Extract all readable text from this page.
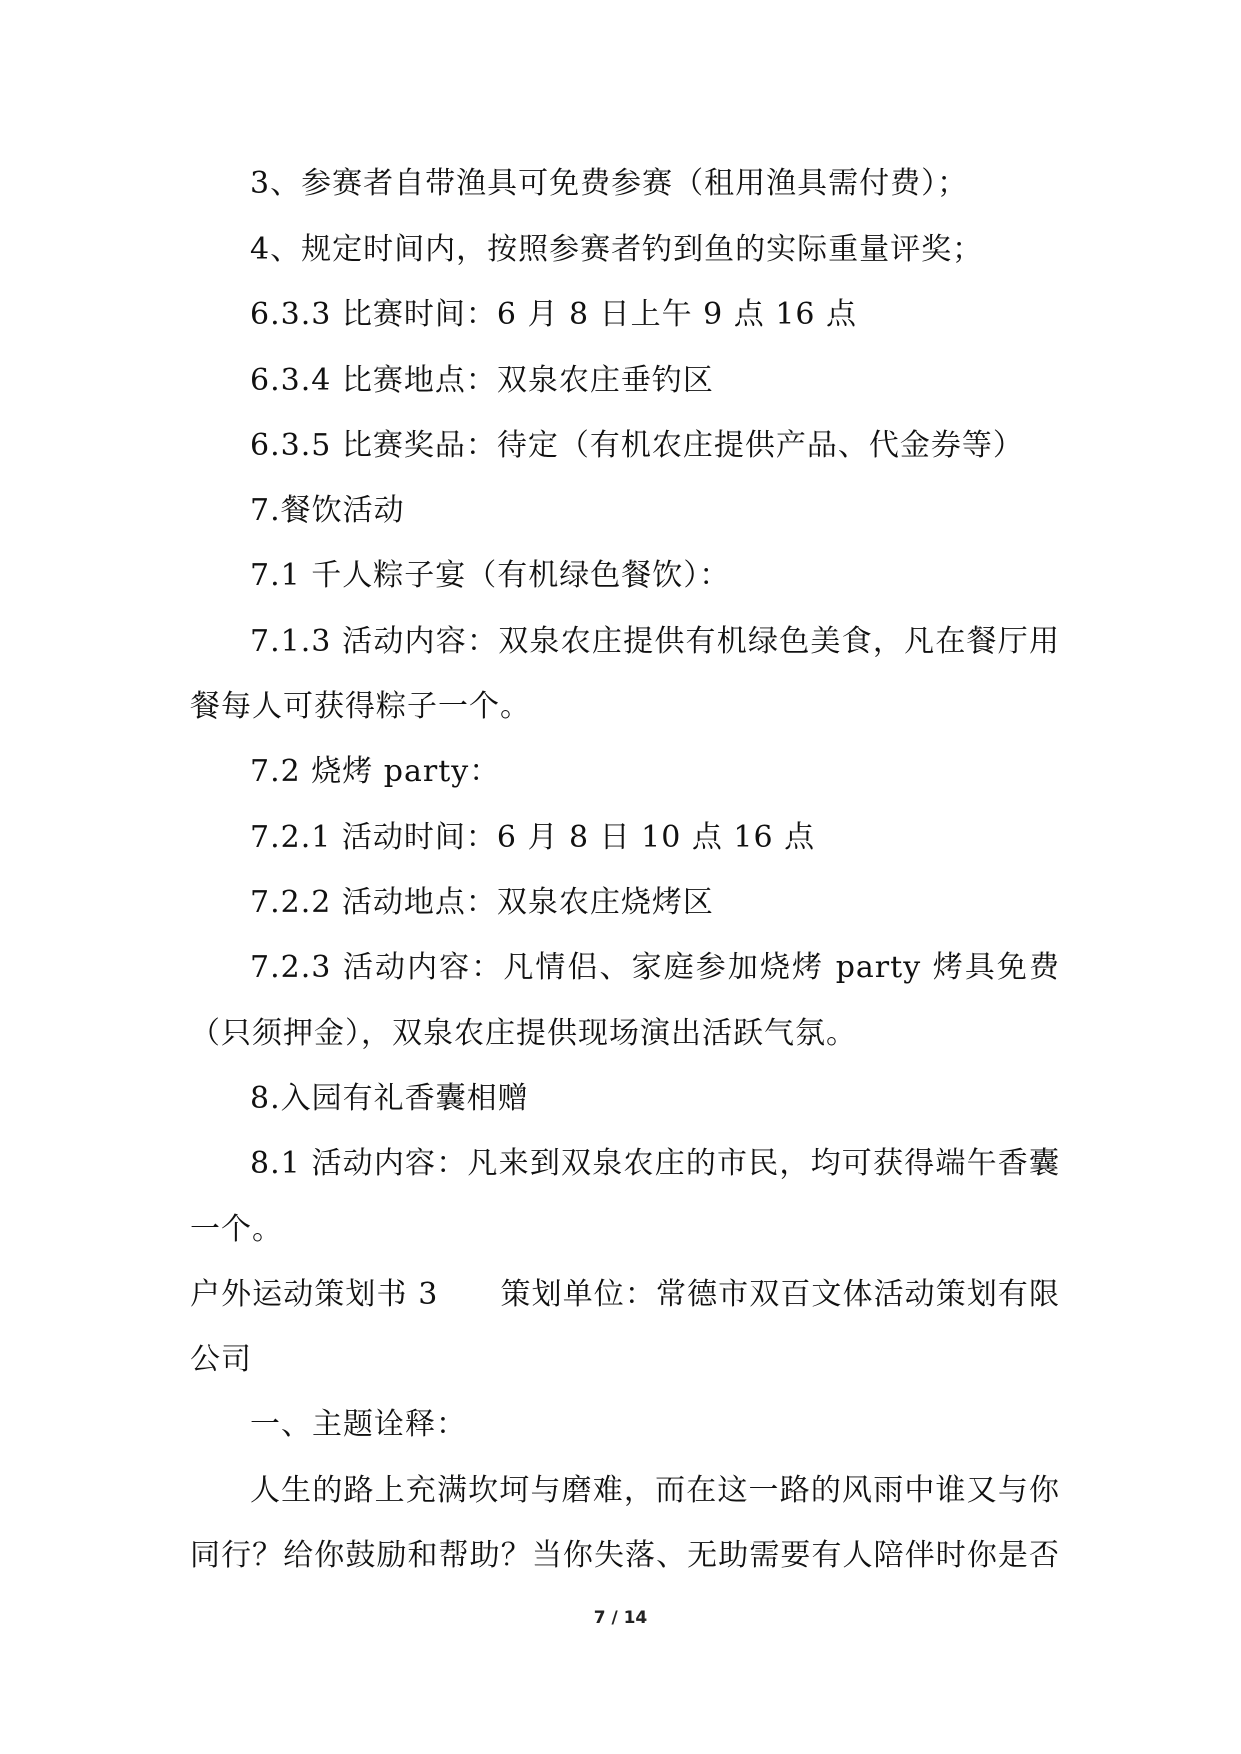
3、参赛者自带渔具可免费参赛（租用渔具需付费）；
4、规定时间内，按照参赛者钓到鱼的实际重量评奖；
6.3.3 比赛时间：6 月 8 日上午 9 点 16 点
6.3.4 比赛地点：双泉农庄垂钓区
6.3.5 比赛奖品：待定（有机农庄提供产品、代金券等）
7.餐饮活动
7.1 千人粽子宴（有机绿色餐饮）：
7.1.3 活动内容：双泉农庄提供有机绿色美食，凡在餐厅用
餐每人可获得粽子一个。
7.2 烧烤 party：
7.2.1 活动时间：6 月 8 日 10 点 16 点
7.2.2 活动地点：双泉农庄烧烤区
7.2.3 活动内容：凡情侣、家庭参加烧烤 party 烤具免费
（只须押金），双泉农庄提供现场演出活跃气氛。
8.入园有礼香囊相赠
8.1 活动内容：凡来到双泉农庄的市民，均可获得端午香囊
一个。
户外运动策划书 3　　策划单位：常德市双百文体活动策划有限
公司
一、主题诠释：
人生的路上充满坎坷与磨难，而在这一路的风雨中谁又与你
同行？给你鼓励和帮助？当你失落、无助需要有人陪伴时你是否
7 / 14
